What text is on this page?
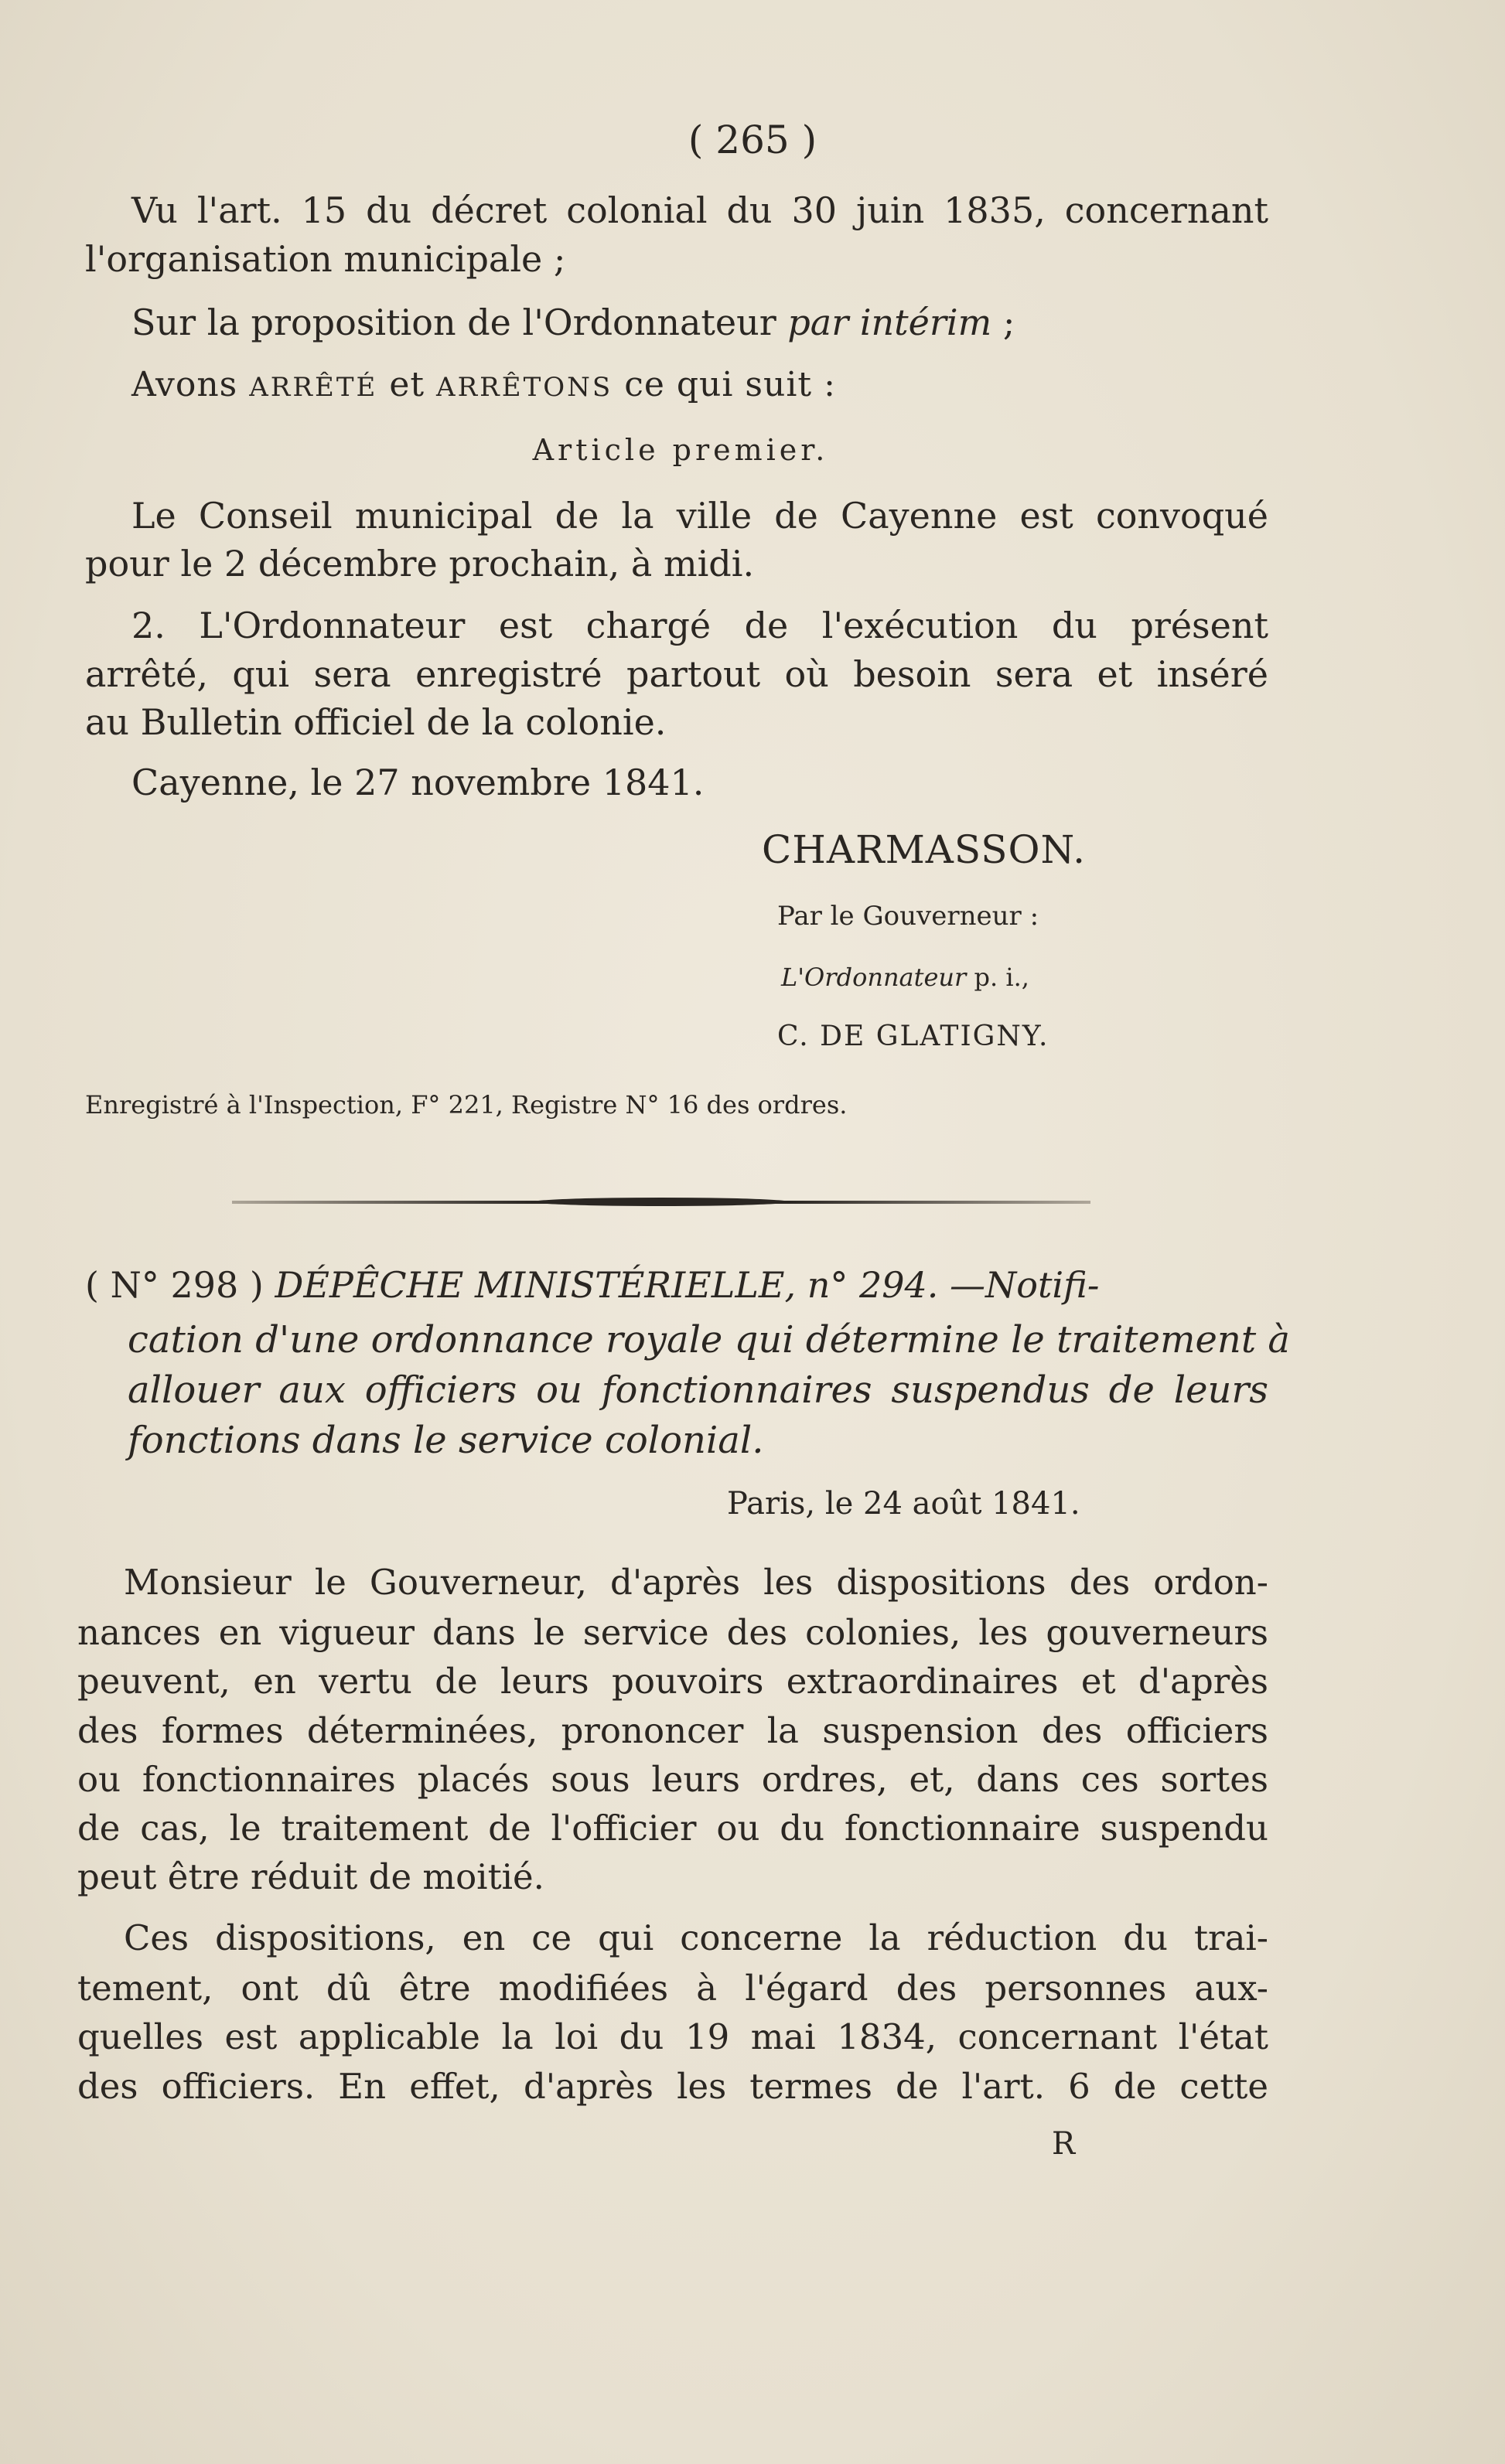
( 265 )
Vu l'art. 15 du décret colonial du 30 juin 1835, concernant
l'organisation municipale ;
Sur la proposition de l'Ordonnateur par intérim ;
Avons ARRÊTÉ et ARRÊTONS ce qui suit :
Article premier.
Le Conseil municipal de la ville de Cayenne est convoqué
pour le 2 décembre prochain, à midi.
2. L'Ordonnateur est chargé de l'exécution du présent
arrêté, qui sera enregistré partout où besoin sera et inséré
au Bulletin officiel de la colonie.
Cayenne, le 27 novembre 1841.
CHARMASSON.
Par le Gouverneur :
L'Ordonnateur p. i.,
C. DE GLATIGNY.
Enregistré à l'Inspection, F° 221, Registre N° 16 des ordres.
( N° 298 ) DÉPÊCHE MINISTÉRIELLE, n° 294. —Notifi-
cation d'une ordonnance royale qui détermine le traitement à
allouer aux officiers ou fonctionnaires suspendus de leurs
fonctions dans le service colonial.
Paris, le 24 août 1841.
Monsieur le Gouverneur, d'après les dispositions des ordon-
nances en vigueur dans le service des colonies, les gouverneurs
peuvent, en vertu de leurs pouvoirs extraordinaires et d'après
des formes déterminées, prononcer la suspension des officiers
ou fonctionnaires placés sous leurs ordres, et, dans ces sortes
de cas, le traitement de l'officier ou du fonctionnaire suspendu
peut être réduit de moitié.
Ces dispositions, en ce qui concerne la réduction du trai-
tement, ont dû être modifiées à l'égard des personnes aux-
quelles est applicable la loi du 19 mai 1834, concernant l'état
des officiers. En effet, d'après les termes de l'art. 6 de cette
R
